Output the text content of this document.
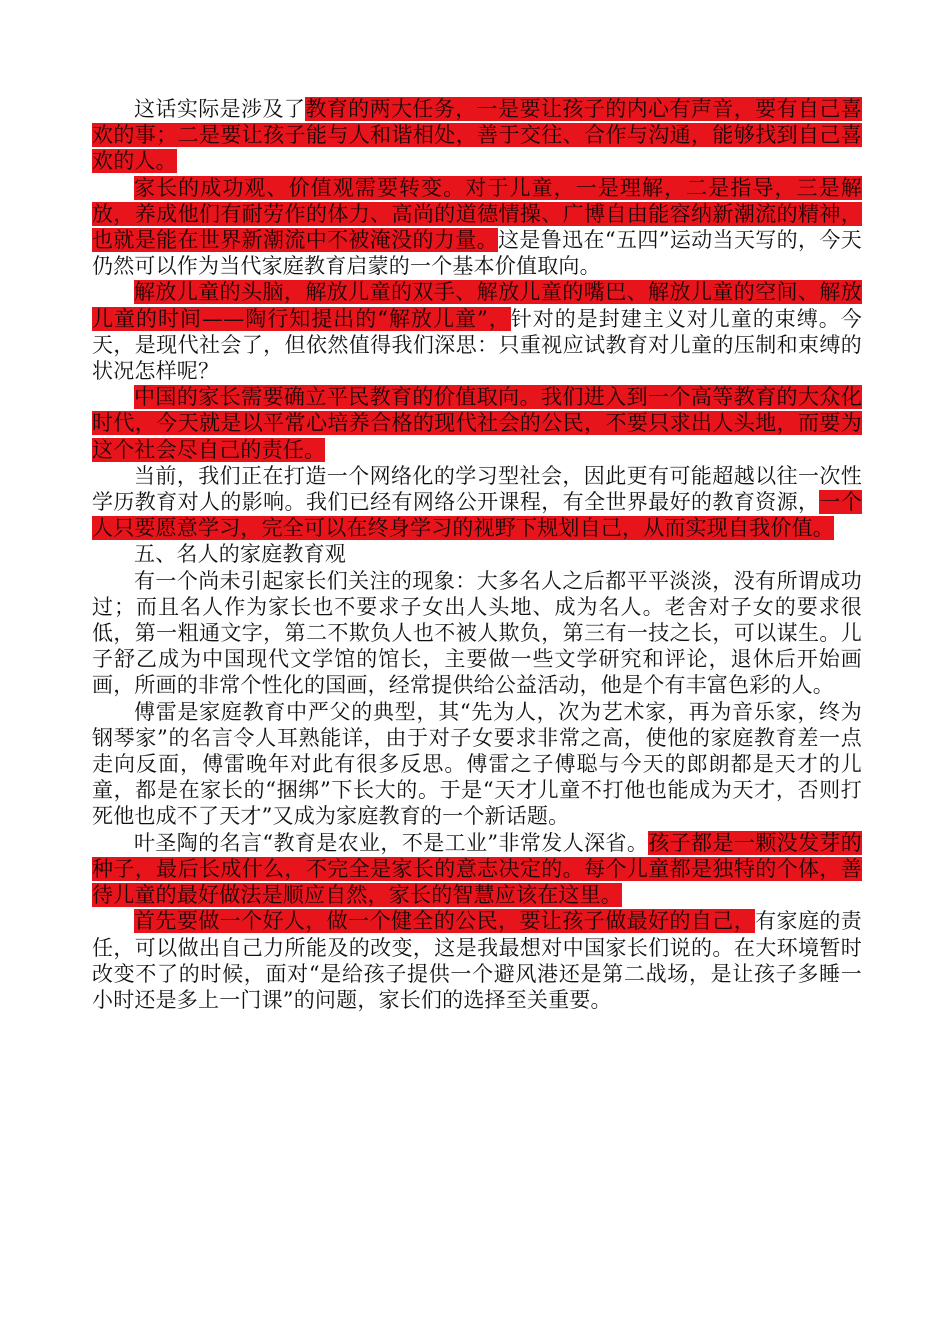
这话实际是涉及了教育的两大任务，一是要让孩子的内心有声音，要有自己喜欢的事；二是要让孩子能与人和谐相处，善于交往、合作与沟通，能够找到自己喜欢的人。

家长的成功观、价值观需要转变。对于儿童，一是理解，二是指导，三是解放，养成他们有耐劳作的体力、高尚的道德情操、广博自由能容纳新潮流的精神，也就是能在世界新潮流中不被淹没的力量。这是鲁迅在“五四”运动当天写的，今天仍然可以作为当代家庭教育启蒙的一个基本价值取向。

解放儿童的头脑，解放儿童的双手、解放儿童的嘴巴、解放儿童的空间、解放儿童的时间——陶行知提出的“解放儿童”，针对的是封建主义对儿童的束缚。今天，是现代社会了，但依然值得我们深思：只重视应试教育对儿童的压制和束缚的状况怎样呢？

中国的家长需要确立平民教育的价值取向。我们进入到一个高等教育的大众化时代，今天就是以平常心培养合格的现代社会的公民，不要只求出人头地，而要为这个社会尽自己的责任。

当前，我们正在打造一个网络化的学习型社会，因此更有可能超越以往一次性学历教育对人的影响。我们已经有网络公开课程，有全世界最好的教育资源，一个人只要愿意学习，完全可以在终身学习的视野下规划自己，从而实现自我价值。

五、名人的家庭教育观

有一个尚未引起家长们关注的现象：大多名人之后都平平淡淡，没有所谓成功过；而且名人作为家长也不要求子女出人头地、成为名人。老舍对子女的要求很低，第一粗通文字，第二不欺负人也不被人欺负，第三有一技之长，可以谋生。儿子舒乙成为中国现代文学馆的馆长，主要做一些文学研究和评论，退休后开始画画，所画的非常个性化的国画，经常提供给公益活动，他是个有丰富色彩的人。

傅雷是家庭教育中严父的典型，其“先为人，次为艺术家，再为音乐家，终为钢琴家”的名言令人耳熟能详，由于对子女要求非常之高，使他的家庭教育差一点走向反面，傅雷晚年对此有很多反思。傅雷之子傅聪与今天的郎朗都是天才的儿童，都是在家长的“捆绑”下长大的。于是“天才儿童不打他也能成为天才，否则打死他也成不了天才”又成为家庭教育的一个新话题。

叶圣陶的名言“教育是农业，不是工业”非常发人深省。孩子都是一颗没发芽的种子，最后长成什么，不完全是家长的意志决定的。每个儿童都是独特的个体，善待儿童的最好做法是顺应自然，家长的智慧应该在这里。

首先要做一个好人，做一个健全的公民，要让孩子做最好的自己，有家庭的责任，可以做出自己力所能及的改变，这是我最想对中国家长们说的。在大环境暂时改变不了的时候，面对“是给孩子提供一个避风港还是第二战场，是让孩子多睡一小时还是多上一门课”的问题，家长们的选择至关重要。
